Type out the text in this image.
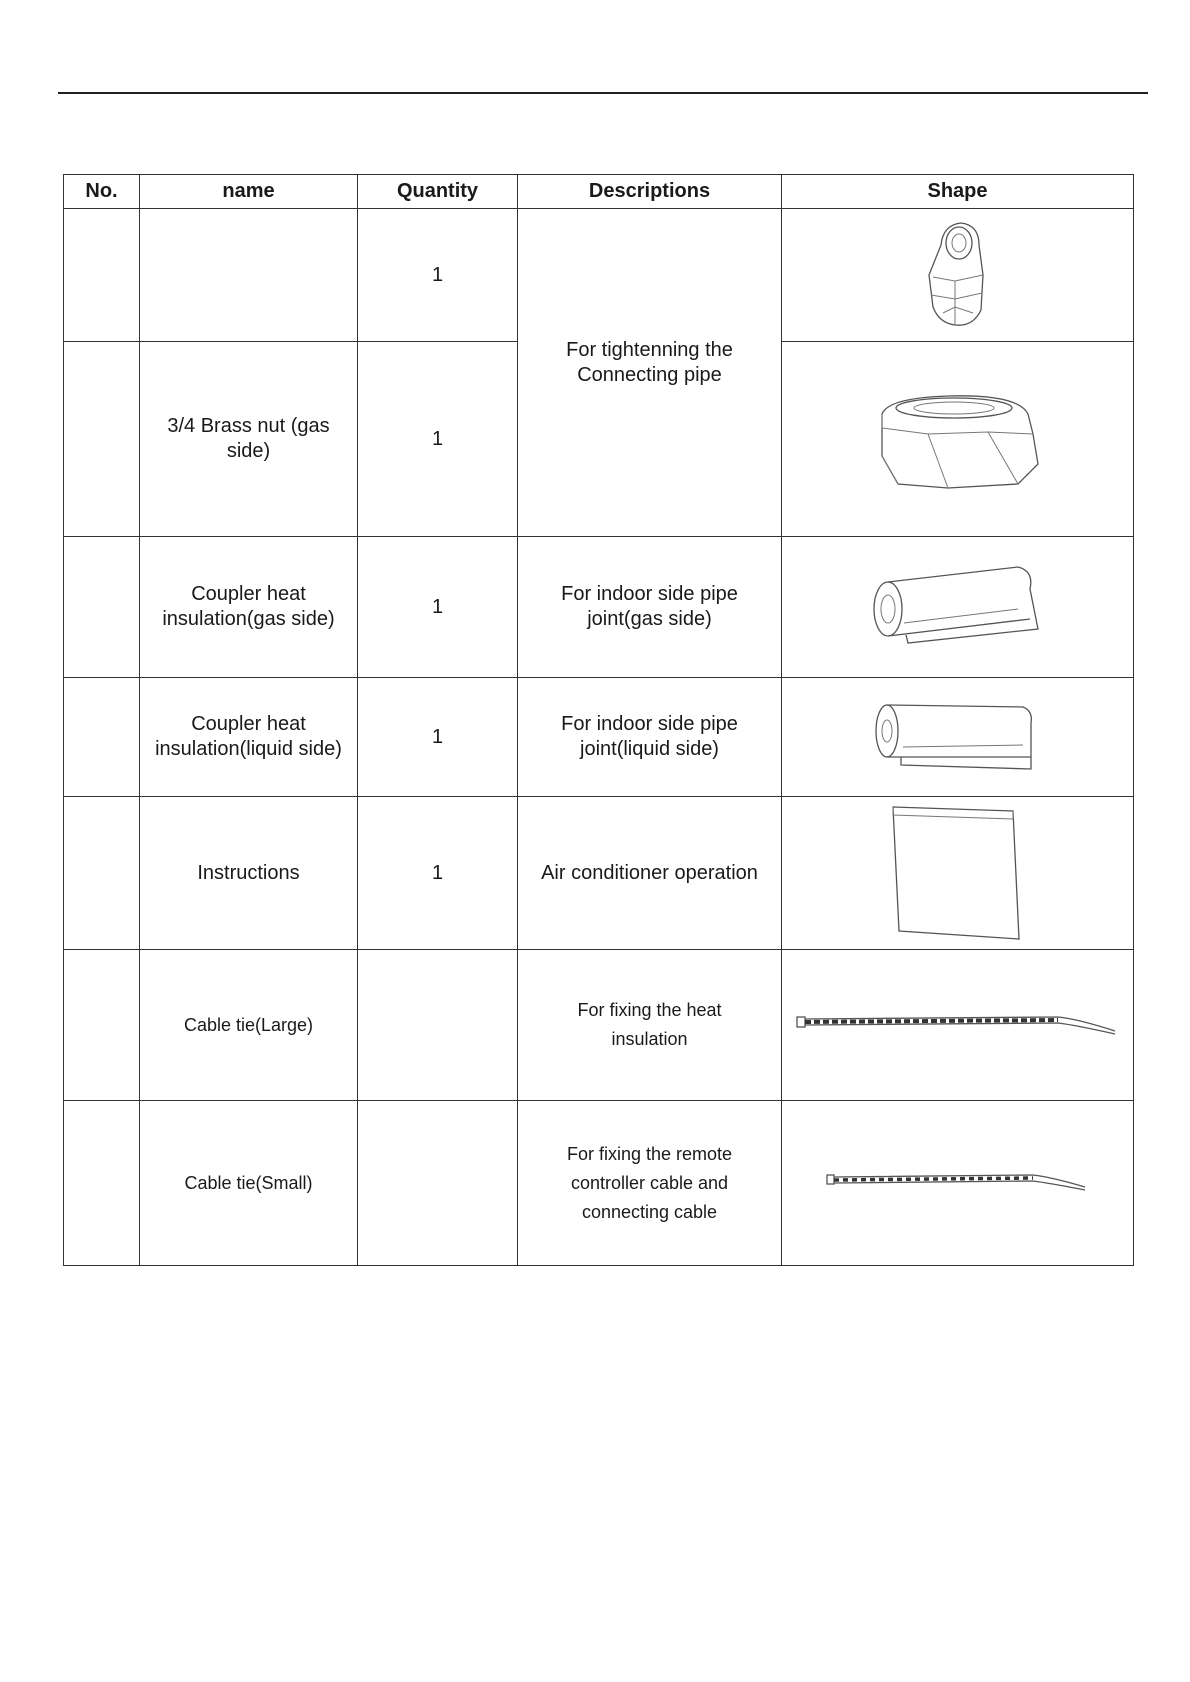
No.	name	Quantity	Descriptions	Shape
		1	For tightenning the Connecting pipe

	3/4 Brass nut (gas side)	1	

	Coupler heat insulation(gas side)	1	For indoor side pipe joint(gas side)

	Coupler heat insulation(liquid side)	1	For indoor side pipe joint(liquid side)

	Instructions	1	Air conditioner operation	

	Cable tie(Large)		For fixing the heat insulation

	Cable tie(Small)		For fixing the remote controller cable and connecting cable
